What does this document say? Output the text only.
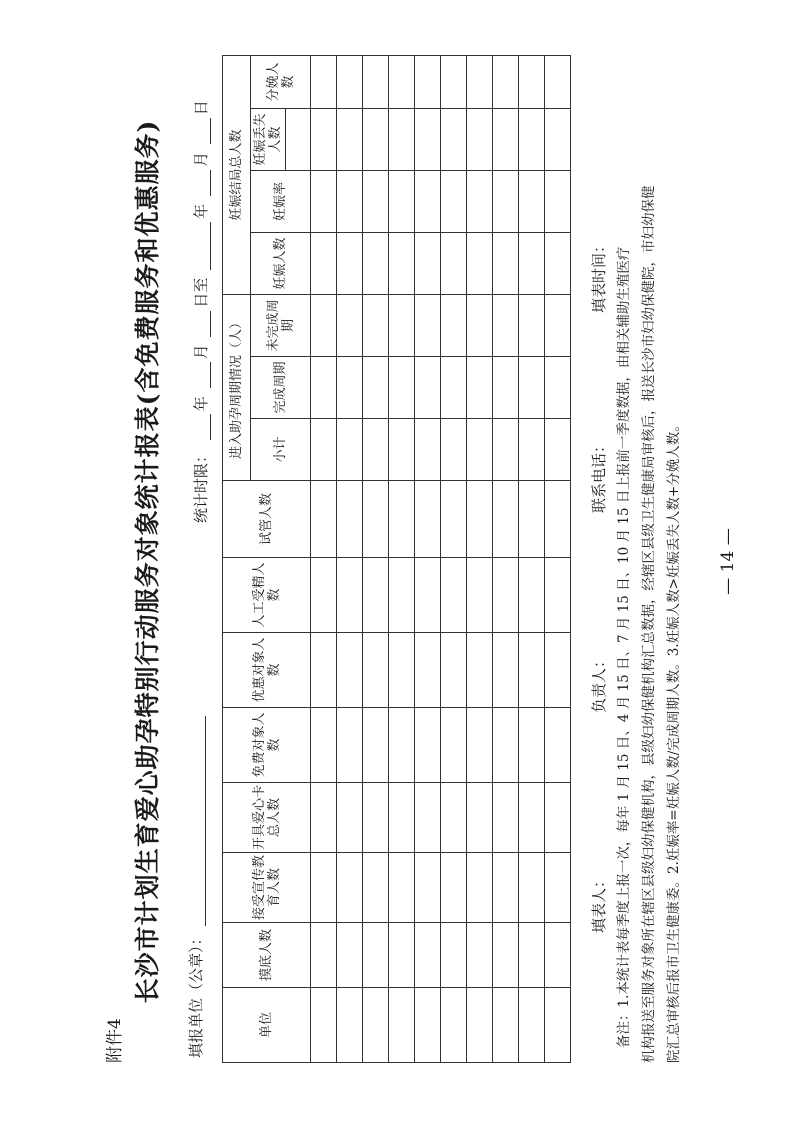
附件4
长沙市计划生育爱心助孕特别行动服务对象统计报表(含免费服务和优惠服务) 填报单位（公章）：
统计时限： 年 月 日至 年 月 日
单位	摸底人数	接受宣传教育人数	开具爱心卡总人数	免费对象人数	优惠对象人数	人工受精人数	试管人数	进入助孕周期情况（人）			妊娠结局总人数			
								小计	完成周期	未完成周期	妊娠人数	妊娠率	妊娠丢失人数	分娩人数

填表人：
负责人：
联系电话：
填表时间： 备注：1.本统计表每季度上报一次，每年 1 月 15 日、4 月 15 日、7 月 15 日、10 月 15 日上报前一季度数据，由相关辅助生殖医疗 机构报送至服务对象所在辖区县级妇幼保健机构，县级妇幼保健机构汇总数据，经辖区县级卫生健康局审核后，报送长沙市妇幼保健院，市妇幼保健 院汇总审核后报市卫生健康委。2.妊娠率=妊娠人数/完成周期人数。3.妊娠人数>妊娠丢失人数+分娩人数。 — 14 —
